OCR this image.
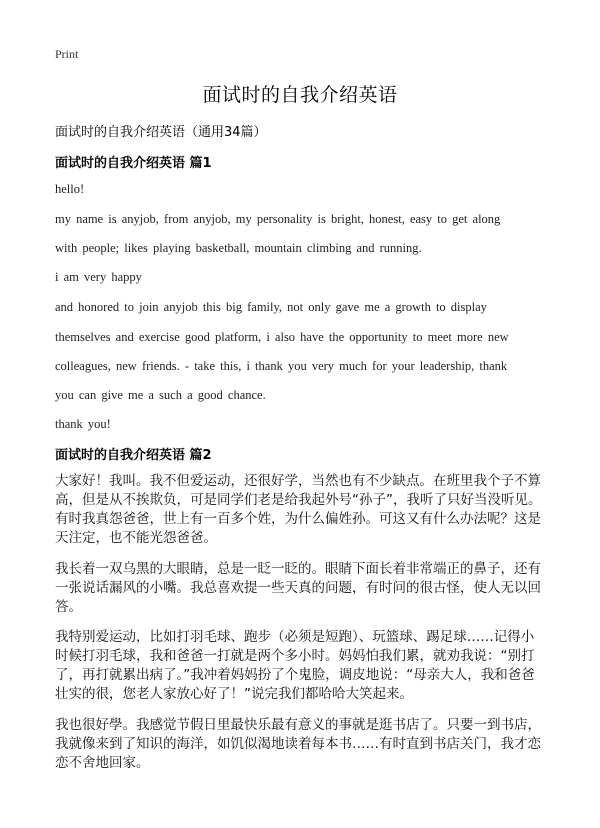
Print
面试时的自我介绍英语
面试时的自我介绍英语（通用34篇）
面试时的自我介绍英语 篇1
hello!
my name is anyjob, from anyjob, my personality is bright, honest, easy to get along
with people; likes playing basketball, mountain climbing and running.
i am very happy
and honored to join anyjob this big family, not only gave me a growth to display
themselves and exercise good platform, i also have the opportunity to meet more new
colleagues, new friends. - take this, i thank you very much for your leadership, thank
you can give me a such a good chance.
thank you!
面试时的自我介绍英语 篇2
大家好！我叫。我不但爱运动，还很好学，当然也有不少缺点。在班里我个子不算
高，但是从不挨欺负，可是同学们老是给我起外号“孙子”，我听了只好当没听见。
有时我真怨爸爸，世上有一百多个姓，为什么偏姓孙。可这又有什么办法呢？这是
天注定，也不能光怨爸爸。
我长着一双乌黑的大眼睛，总是一眨一眨的。眼睛下面长着非常端正的鼻子，还有
一张说话漏风的小嘴。我总喜欢提一些天真的问题，有时问的很古怪，使人无以回
答。
我特别爱运动，比如打羽毛球、跑步（必须是短跑）、玩篮球、踢足球……记得小
时候打羽毛球，我和爸爸一打就是两个多小时。妈妈怕我们累，就劝我说：“别打
了，再打就累出病了。”我冲着妈妈扮了个鬼脸，调皮地说：“母亲大人，我和爸爸
壮实的很，您老人家放心好了！”说完我们都哈哈大笑起来。
我也很好學。我感觉节假日里最快乐最有意义的事就是逛书店了。只要一到书店，
我就像来到了知识的海洋，如饥似渴地读着每本书……有时直到书店关门，我才恋
恋不舍地回家。
